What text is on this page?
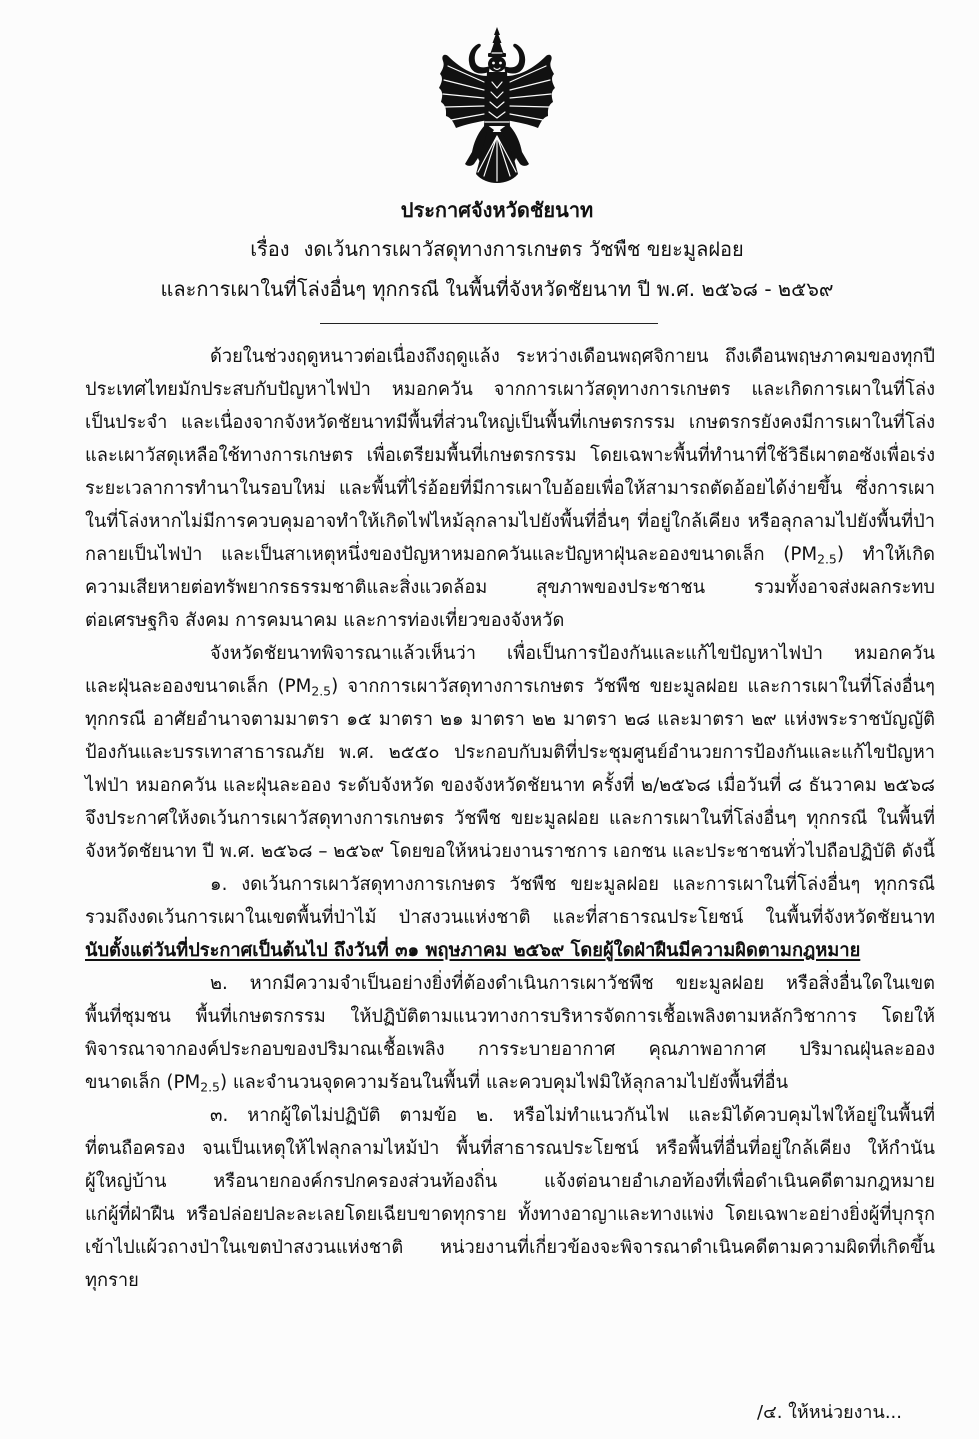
ประกาศจังหวัดชัยนาท
เรื่อง งดเว้นการเผาวัสดุทางการเกษตร วัชพืช ขยะมูลฝอย
และการเผาในที่โล่งอื่นๆ ทุกกรณี ในพื้นที่จังหวัดชัยนาท ปี พ.ศ. ๒๕๖๘ - ๒๕๖๙
ด้วยในช่วงฤดูหนาวต่อเนื่องถึงฤดูแล้ง ระหว่างเดือนพฤศจิกายน ถึงเดือนพฤษภาคมของทุกปี
ประเทศไทยมักประสบกับปัญหาไฟป่า หมอกควัน จากการเผาวัสดุทางการเกษตร และเกิดการเผาในที่โล่ง
เป็นประจำ และเนื่องจากจังหวัดชัยนาทมีพื้นที่ส่วนใหญ่เป็นพื้นที่เกษตรกรรม เกษตรกรยังคงมีการเผาในที่โล่ง
และเผาวัสดุเหลือใช้ทางการเกษตร เพื่อเตรียมพื้นที่เกษตรกรรม โดยเฉพาะพื้นที่ทำนาที่ใช้วิธีเผาตอซังเพื่อเร่ง
ระยะเวลาการทำนาในรอบใหม่ และพื้นที่ไร่อ้อยที่มีการเผาใบอ้อยเพื่อให้สามารถตัดอ้อยได้ง่ายขึ้น ซึ่งการเผา
ในที่โล่งหากไม่มีการควบคุมอาจทำให้เกิดไฟไหม้ลุกลามไปยังพื้นที่อื่นๆ ที่อยู่ใกล้เคียง หรือลุกลามไปยังพื้นที่ป่า
กลายเป็นไฟป่า และเป็นสาเหตุหนึ่งของปัญหาหมอกควันและปัญหาฝุ่นละอองขนาดเล็ก $(PM_{2.5})$ ทำให้เกิด
ความเสียหายต่อทรัพยากรธรรมชาติและสิ่งแวดล้อม สุขภาพของประชาชน รวมทั้งอาจส่งผลกระทบ
ต่อเศรษฐกิจ สังคม การคมนาคม และการท่องเที่ยวของจังหวัด
จังหวัดชัยนาทพิจารณาแล้วเห็นว่า เพื่อเป็นการป้องกันและแก้ไขปัญหาไฟป่า หมอกควัน
และฝุ่นละอองขนาดเล็ก $(PM_{2.5})$ จากการเผาวัสดุทางการเกษตร วัชพืช ขยะมูลฝอย และการเผาในที่โล่งอื่นๆ
ทุกกรณี อาศัยอำนาจตามมาตรา ๑๕ มาตรา ๒๑ มาตรา ๒๒ มาตรา ๒๘ และมาตรา ๒๙ แห่งพระราชบัญญัติ
ป้องกันและบรรเทาสาธารณภัย พ.ศ. ๒๕๕๐ ประกอบกับมติที่ประชุมศูนย์อำนวยการป้องกันและแก้ไขปัญหา
ไฟป่า หมอกควัน และฝุ่นละออง ระดับจังหวัด ของจังหวัดชัยนาท ครั้งที่ ๒/๒๕๖๘ เมื่อวันที่ ๘ ธันวาคม ๒๕๖๘
จึงประกาศให้งดเว้นการเผาวัสดุทางการเกษตร วัชพืช ขยะมูลฝอย และการเผาในที่โล่งอื่นๆ ทุกกรณี ในพื้นที่
จังหวัดชัยนาท ปี พ.ศ. ๒๕๖๘ – ๒๕๖๙ โดยขอให้หน่วยงานราชการ เอกชน และประชาชนทั่วไปถือปฏิบัติ ดังนี้
๑. งดเว้นการเผาวัสดุทางการเกษตร วัชพืช ขยะมูลฝอย และการเผาในที่โล่งอื่นๆ ทุกกรณี
รวมถึงงดเว้นการเผาในเขตพื้นที่ป่าไม้ ป่าสงวนแห่งชาติ และที่สาธารณประโยชน์ ในพื้นที่จังหวัดชัยนาท
นับตั้งแต่วันที่ประกาศเป็นต้นไป ถึงวันที่ ๓๑ พฤษภาคม ๒๕๖๙ โดยผู้ใดฝ่าฝืนมีความผิดตามกฎหมาย
๒. หากมีความจำเป็นอย่างยิ่งที่ต้องดำเนินการเผาวัชพืช ขยะมูลฝอย หรือสิ่งอื่นใดในเขต
พื้นที่ชุมชน พื้นที่เกษตรกรรม ให้ปฏิบัติตามแนวทางการบริหารจัดการเชื้อเพลิงตามหลักวิชาการ โดยให้
พิจารณาจากองค์ประกอบของปริมาณเชื้อเพลิง การระบายอากาศ คุณภาพอากาศ ปริมาณฝุ่นละออง
ขนาดเล็ก $(PM_{2.5})$ และจำนวนจุดความร้อนในพื้นที่ และควบคุมไฟมิให้ลุกลามไปยังพื้นที่อื่น
๓. หากผู้ใดไม่ปฏิบัติ ตามข้อ ๒. หรือไม่ทำแนวกันไฟ และมิได้ควบคุมไฟให้อยู่ในพื้นที่
ที่ตนถือครอง จนเป็นเหตุให้ไฟลุกลามไหม้ป่า พื้นที่สาธารณประโยชน์ หรือพื้นที่อื่นที่อยู่ใกล้เคียง ให้กำนัน
ผู้ใหญ่บ้าน หรือนายกองค์กรปกครองส่วนท้องถิ่น แจ้งต่อนายอำเภอท้องที่เพื่อดำเนินคดีตามกฎหมาย
แก่ผู้ที่ฝ่าฝืน หรือปล่อยปละละเลยโดยเฉียบขาดทุกราย ทั้งทางอาญาและทางแพ่ง โดยเฉพาะอย่างยิ่งผู้ที่บุกรุก
เข้าไปแผ้วถางป่าในเขตป่าสงวนแห่งชาติ หน่วยงานที่เกี่ยวข้องจะพิจารณาดำเนินคดีตามความผิดที่เกิดขึ้น
ทุกราย
/๔. ให้หน่วยงาน...
